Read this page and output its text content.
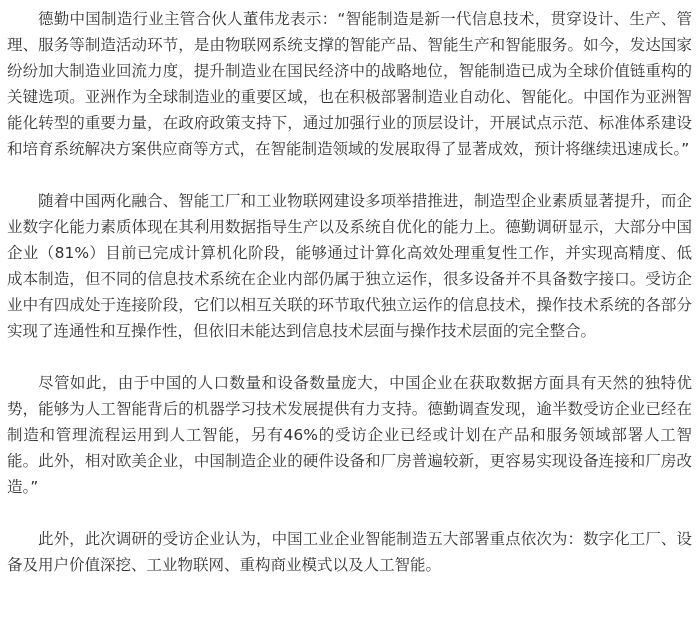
德勤中国制造行业主管合伙人董伟龙表示：“智能制造是新一代信息技术，贯穿设计、生产、管理、服务等制造活动环节，是由物联网系统支撑的智能产品、智能生产和智能服务。如今，发达国家纷纷加大制造业回流力度，提升制造业在国民经济中的战略地位，智能制造已成为全球价值链重构的关键选项。亚洲作为全球制造业的重要区域，也在积极部署制造业自动化、智能化。中国作为亚洲智能化转型的重要力量，在政府政策支持下，通过加强行业的顶层设计，开展试点示范、标准体系建设和培育系统解决方案供应商等方式，在智能制造领域的发展取得了显著成效，预计将继续迅速成长。”

随着中国两化融合、智能工厂和工业物联网建设多项举措推进，制造型企业素质显著提升，而企业数字化能力素质体现在其利用数据指导生产以及系统自优化的能力上。德勤调研显示，大部分中国企业（81%）目前已完成计算机化阶段，能够通过计算化高效处理重复性工作，并实现高精度、低成本制造，但不同的信息技术系统在企业内部仍属于独立运作，很多设备并不具备数字接口。受访企业中有四成处于连接阶段，它们以相互关联的环节取代独立运作的信息技术，操作技术系统的各部分实现了连通性和互操作性，但依旧未能达到信息技术层面与操作技术层面的完全整合。

尽管如此，由于中国的人口数量和设备数量庞大，中国企业在获取数据方面具有天然的独特优势，能够为人工智能背后的机器学习技术发展提供有力支持。德勤调查发现，逾半数受访企业已经在制造和管理流程运用到人工智能，另有46%的受访企业已经或计划在产品和服务领域部署人工智能。此外，相对欧美企业，中国制造企业的硬件设备和厂房普遍较新，更容易实现设备连接和厂房改造。”

此外，此次调研的受访企业认为，中国工业企业智能制造五大部署重点依次为：数字化工厂、设备及用户价值深挖、工业物联网、重构商业模式以及人工智能。
